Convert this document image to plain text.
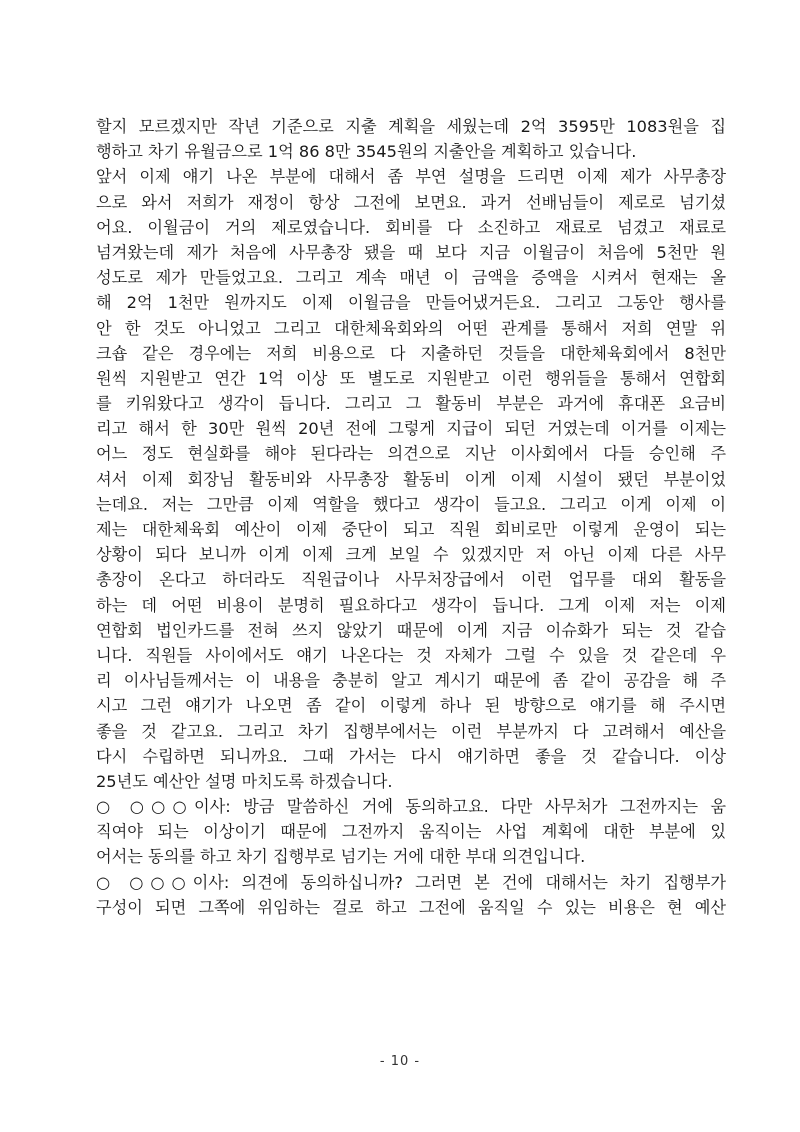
할지 모르겠지만 작년 기준으로 지출 계획을 세웠는데 2억 3595만 1083원을 집
행하고 차기 유월금으로 1억 86 8만 3545원의 지출안을 계획하고 있습니다.
앞서 이제 얘기 나온 부분에 대해서 좀 부연 설명을 드리면 이제 제가 사무총장
으로 와서 저희가 재정이 항상 그전에 보면요. 과거 선배님들이 제로로 넘기셨
어요. 이월금이 거의 제로였습니다. 회비를 다 소진하고 재료로 넘겼고 재료로
넘겨왔는데 제가 처음에 사무총장 됐을 때 보다 지금 이월금이 처음에 5천만 원
성도로 제가 만들었고요. 그리고 계속 매년 이 금액을 증액을 시켜서 현재는 올
해 2억 1천만 원까지도 이제 이월금을 만들어냈거든요. 그리고 그동안 행사를
안 한 것도 아니었고 그리고 대한체육회와의 어떤 관계를 통해서 저희 연말 위
크숍 같은 경우에는 저희 비용으로 다 지출하던 것들을 대한체육회에서 8천만
원씩 지원받고 연간 1억 이상 또 별도로 지원받고 이런 행위들을 통해서 연합회
를 키워왔다고 생각이 듭니다. 그리고 그 활동비 부분은 과거에 휴대폰 요금비
리고 해서 한 30만 원씩 20년 전에 그렇게 지급이 되던 거였는데 이거를 이제는
어느 정도 현실화를 해야 된다라는 의견으로 지난 이사회에서 다들 승인해 주
셔서 이제 회장님 활동비와 사무총장 활동비 이게 이제 시설이 됐던 부분이었
는데요. 저는 그만큼 이제 역할을 했다고 생각이 들고요. 그리고 이게 이제 이
제는 대한체육회 예산이 이제 중단이 되고 직원 회비로만 이렇게 운영이 되는
상황이 되다 보니까 이게 이제 크게 보일 수 있겠지만 저 아닌 이제 다른 사무
총장이 온다고 하더라도 직원급이나 사무처장급에서 이런 업무를 대외 활동을
하는 데 어떤 비용이 분명히 필요하다고 생각이 듭니다. 그게 이제 저는 이제
연합회 법인카드를 전혀 쓰지 않았기 때문에 이게 지금 이슈화가 되는 것 같습
니다. 직원들 사이에서도 얘기 나온다는 것 자체가 그럴 수 있을 것 같은데 우
리 이사님들께서는 이 내용을 충분히 알고 계시기 때문에 좀 같이 공감을 해 주
시고 그런 얘기가 나오면 좀 같이 이렇게 하나 된 방향으로 얘기를 해 주시면
좋을 것 같고요. 그리고 차기 집행부에서는 이런 부분까지 다 고려해서 예산을
다시 수립하면 되니까요. 그때 가서는 다시 얘기하면 좋을 것 같습니다. 이상
25년도 예산안 설명 마치도록 하겠습니다.
○ ○○○이사: 방금 말씀하신 거에 동의하고요. 다만 사무처가 그전까지는 움
직여야 되는 이상이기 때문에 그전까지 움직이는 사업 계획에 대한 부분에 있
어서는 동의를 하고 차기 집행부로 넘기는 거에 대한 부대 의견입니다.
○ ○○○이사: 의견에 동의하십니까? 그러면 본 건에 대해서는 차기 집행부가
구성이 되면 그쪽에 위임하는 걸로 하고 그전에 움직일 수 있는 비용은 현 예산
- 10 -
